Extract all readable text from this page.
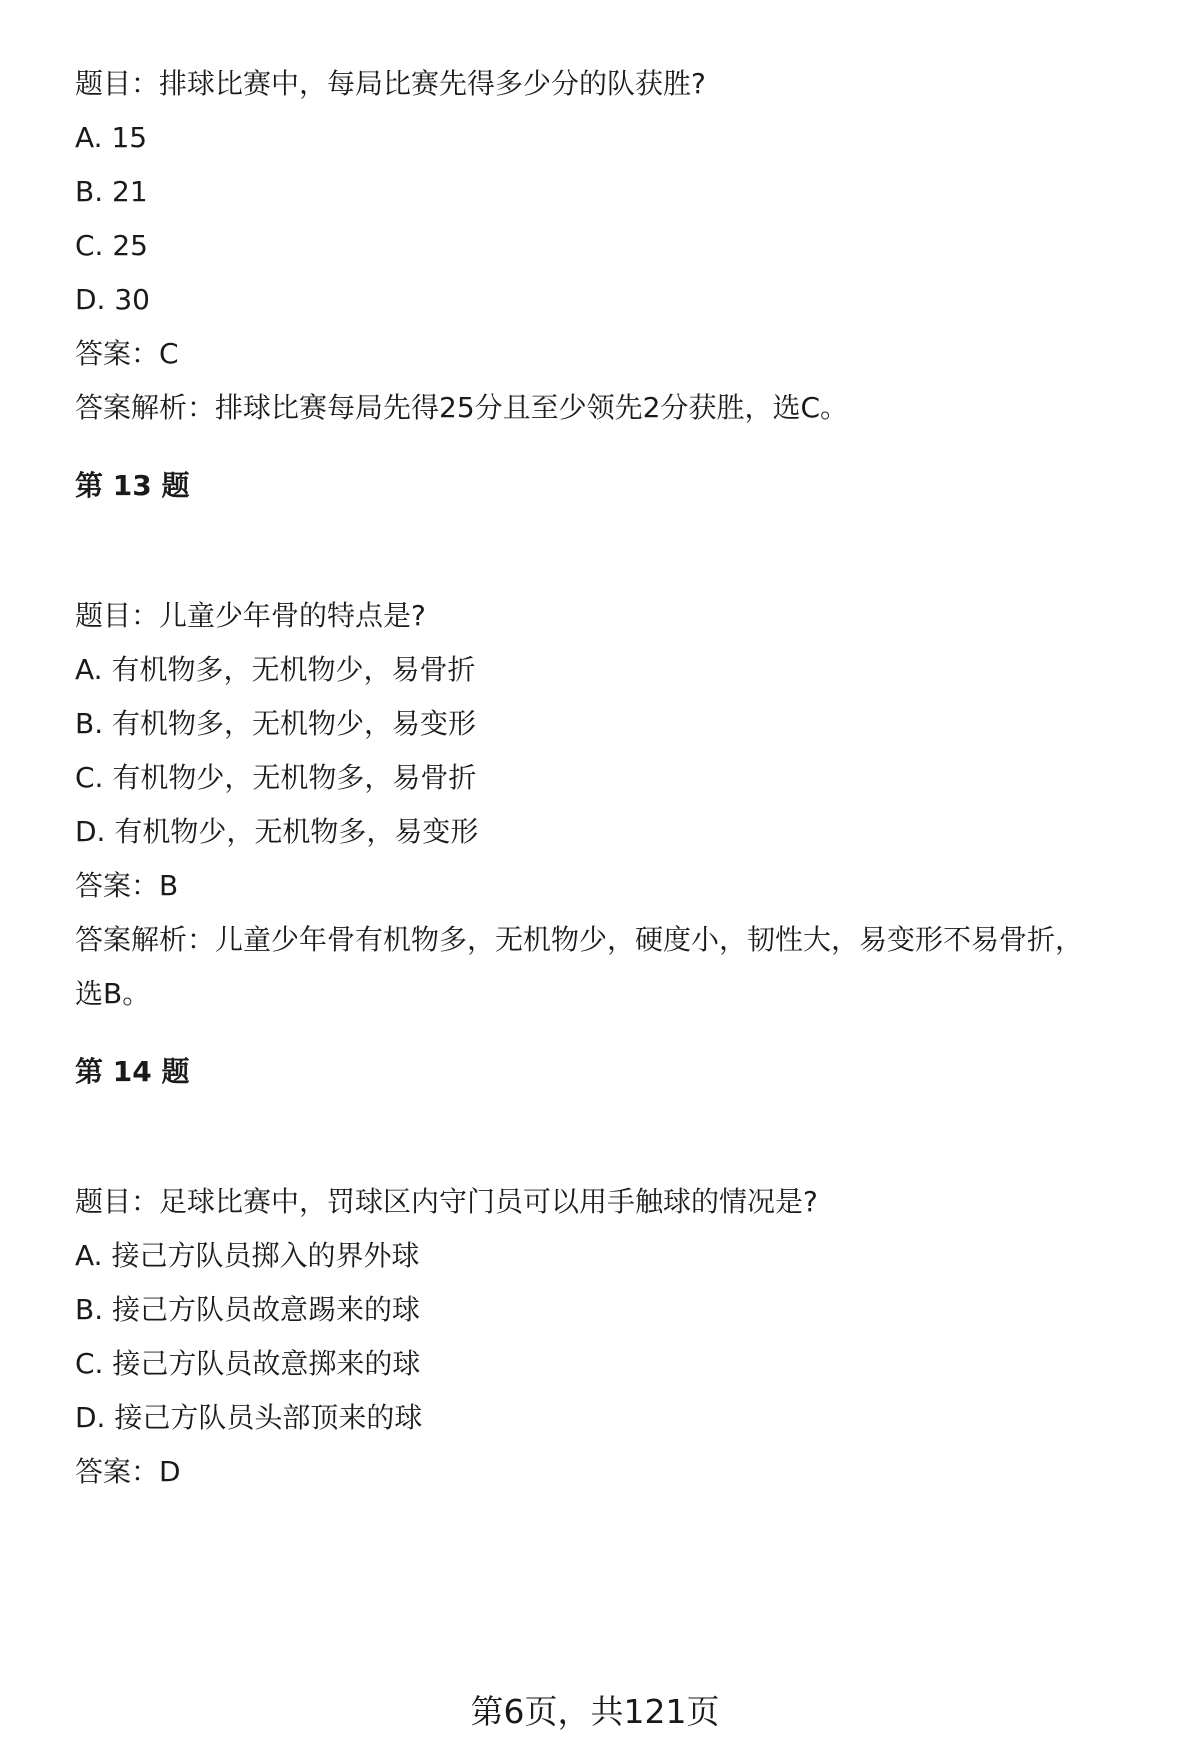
题目：排球比赛中，每局比赛先得多少分的队获胜?
A. 15
B. 21
C. 25
D. 30
答案：C
答案解析：排球比赛每局先得25分且至少领先2分获胜，选C。
第 13 题
题目：儿童少年骨的特点是?
A. 有机物多，无机物少，易骨折
B. 有机物多，无机物少，易变形
C. 有机物少，无机物多，易骨折
D. 有机物少，无机物多，易变形
答案：B
答案解析：儿童少年骨有机物多，无机物少，硬度小，韧性大，易变形不易骨折，
选B。
第 14 题
题目：足球比赛中，罚球区内守门员可以用手触球的情况是?
A. 接己方队员掷入的界外球
B. 接己方队员故意踢来的球
C. 接己方队员故意掷来的球
D. 接己方队员头部顶来的球
答案：D
第6页，共121页
